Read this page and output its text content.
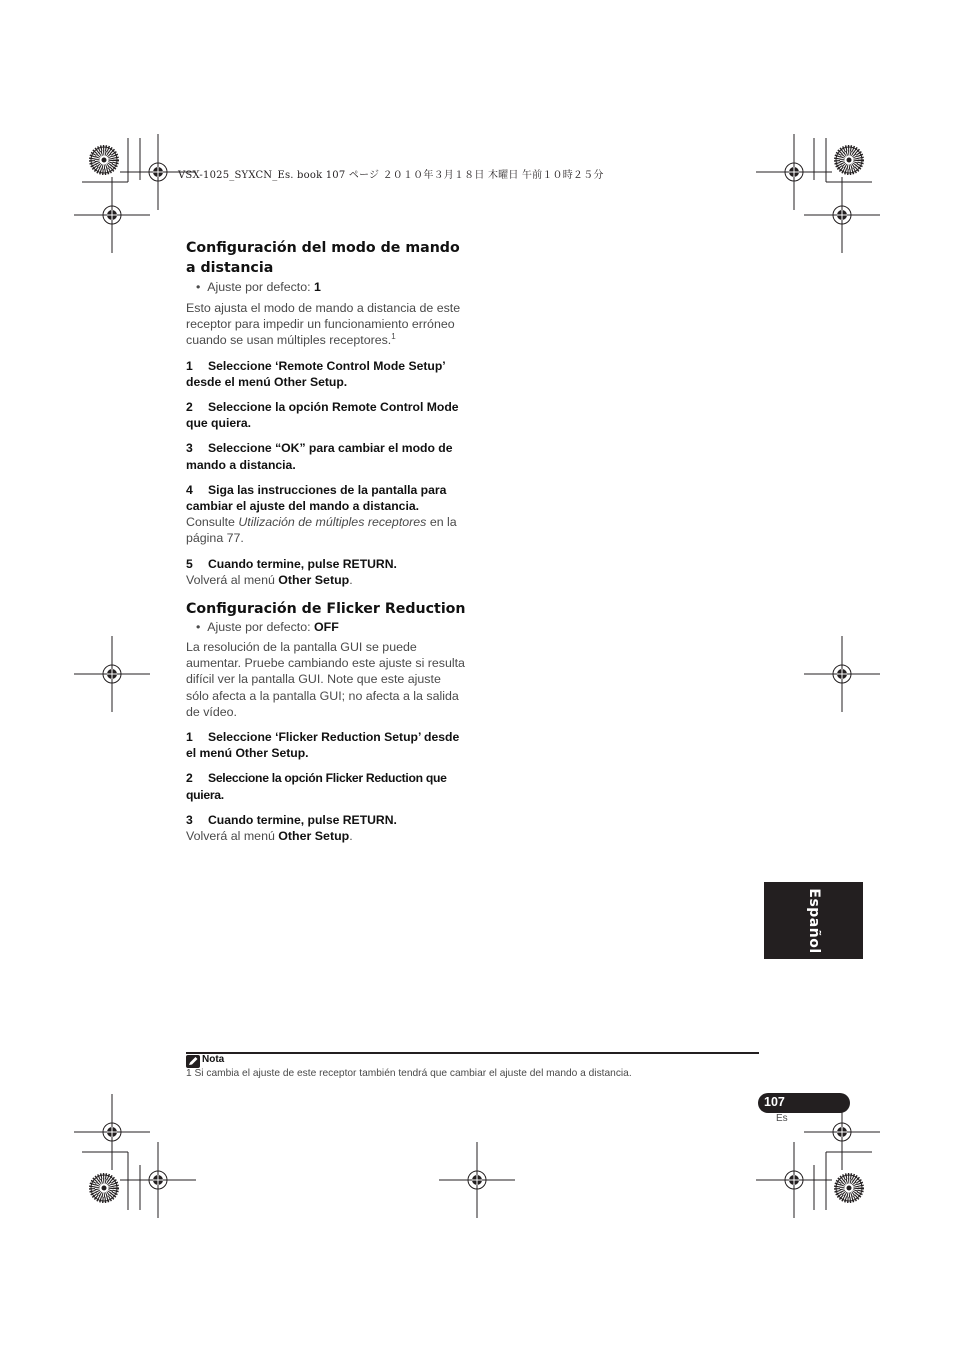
VSX-1025_SYXCN_Es. book 107 ページ ２０１０年３月１８日 木曜日 午前１０時２５分
Configuración del modo de mando a distancia
•  Ajuste por defecto: 1

Esto ajusta el modo de mando a distancia de este receptor para impedir un funcionamiento erróneo cuando se usan múltiples receptores.$^1$

1 Seleccione ‘Remote Control Mode Setup’ desde el menú Other Setup.

2 Seleccione la opción Remote Control Mode que quiera.

3 Seleccione “OK” para cambiar el modo de mando a distancia.

4 Siga las instrucciones de la pantalla para cambiar el ajuste del mando a distancia.

Consulte Utilización de múltiples receptores en la página 77.

5 Cuando termine, pulse RETURN.

Volverá al menú Other Setup.

Configuración de Flicker Reduction
•  Ajuste por defecto: OFF

La resolución de la pantalla GUI se puede aumentar. Pruebe cambiando este ajuste si resulta difícil ver la pantalla GUI. Note que este ajuste sólo afecta a la pantalla GUI; no afecta a la salida de vídeo.

1 Seleccione ‘Flicker Reduction Setup’ desde el menú Other Setup.

2 Seleccione la opción Flicker Reduction que quiera.

3 Cuando termine, pulse RETURN.

Volverá al menú Other Setup.

Español
Nota
1 Si cambia el ajuste de este receptor también tendrá que cambiar el ajuste del mando a distancia.
107
Es
